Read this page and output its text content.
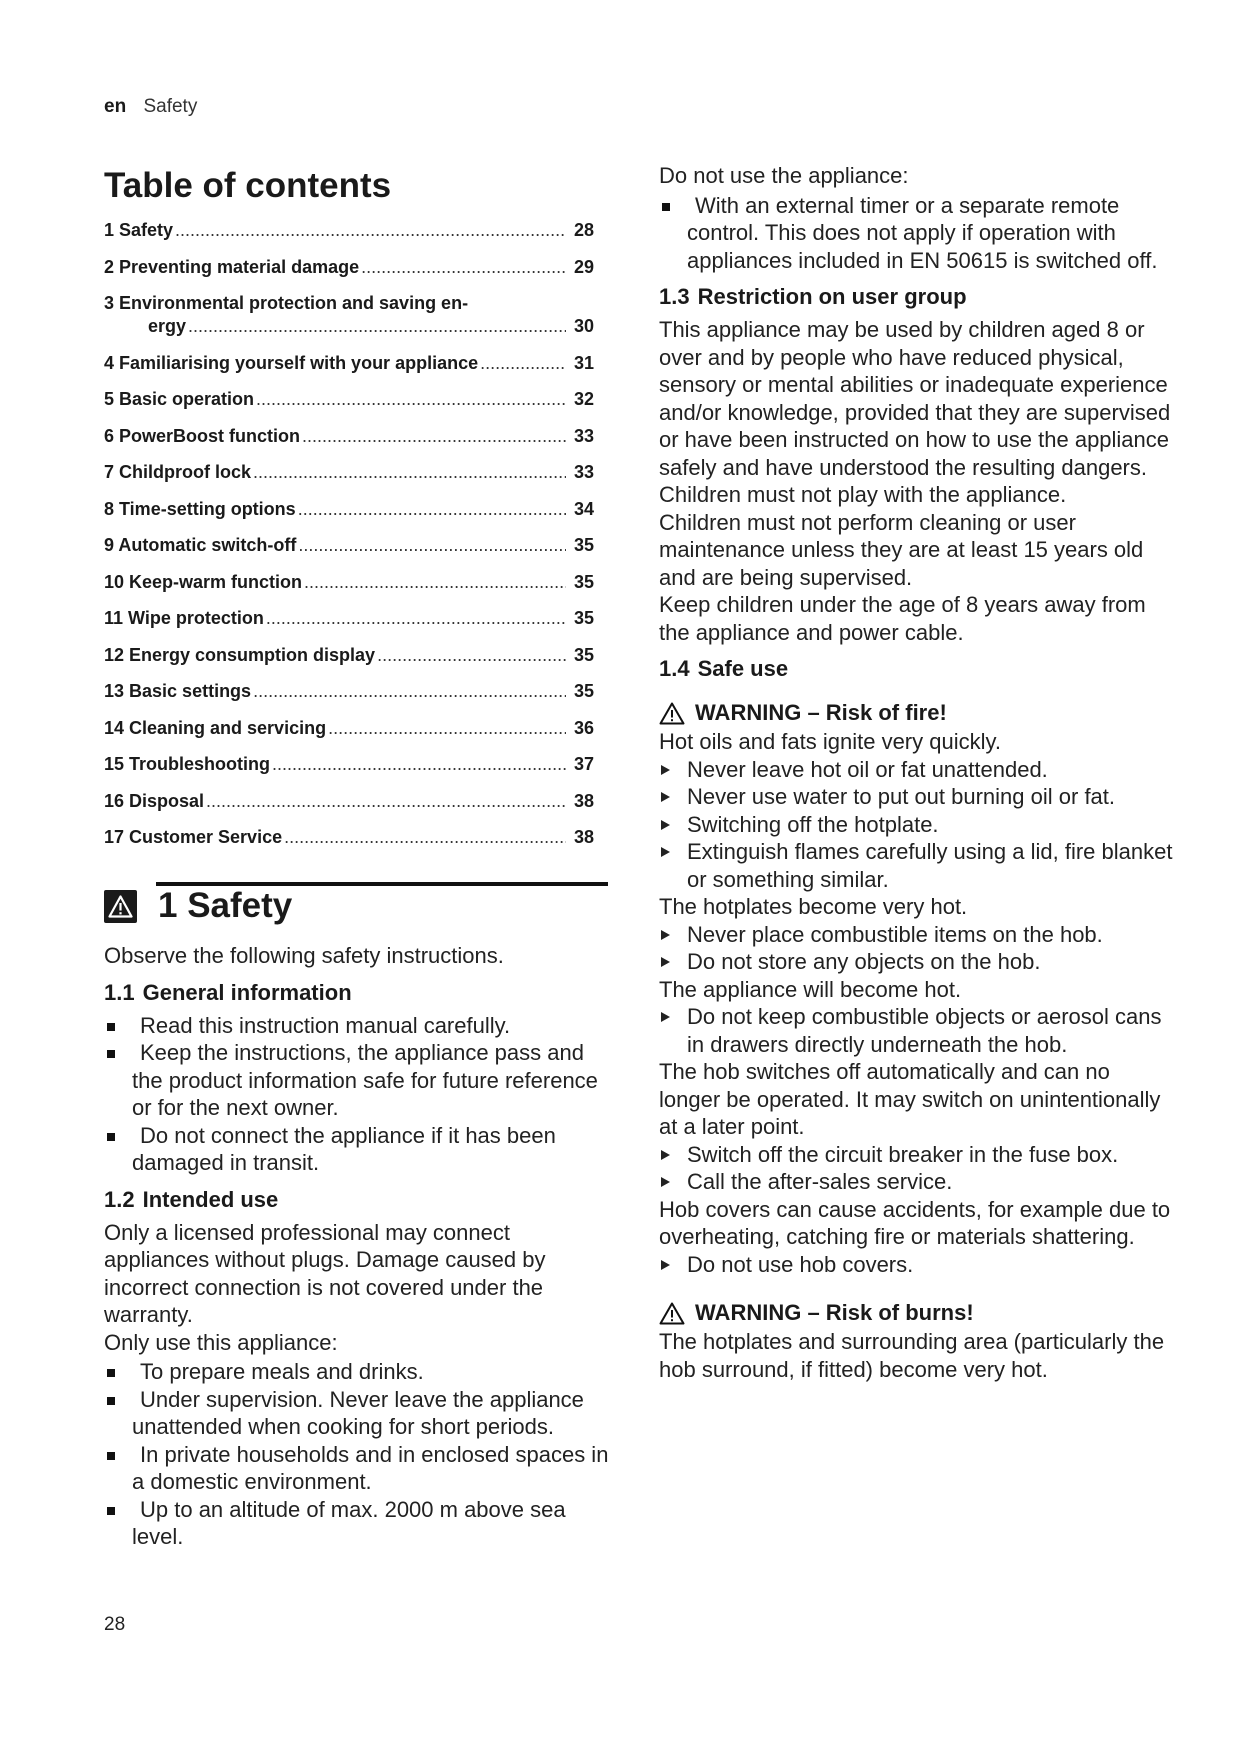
en Safety
Table of contents
1 Safety .....	28
2 Preventing material damage .....	29
3 Environmental protection and saving en-
ergy .....	30
4 Familiarising yourself with your appliance .....	31
5 Basic operation .....	32
6 PowerBoost function .....	33
7 Childproof lock .....	33
8 Time-setting options .....	34
9 Automatic switch-off .....	35
10 Keep-warm function .....	35
11 Wipe protection .....	35
12 Energy consumption display .....	35
13 Basic settings .....	35
14 Cleaning and servicing .....	36
15 Troubleshooting .....	37
16 Disposal .....	38
17 Customer Service .....	38
1 Safety

Observe the following safety instructions.

1.1 General information
Read this instruction manual carefully.
Keep the instructions, the appliance pass and the product information safe for future reference or for the next owner.
Do not connect the appliance if it has been damaged in transit.
1.2 Intended use

Only a licensed professional may connect appliances without plugs. Damage caused by incorrect connection is not covered under the warranty.

Only use this appliance:

To prepare meals and drinks.
Under supervision. Never leave the appliance unattended when cooking for short periods.
In private households and in enclosed spaces in a domestic environment.
Up to an altitude of max. 2000 m above sea level.

Do not use the appliance:

With an external timer or a separate remote control. This does not apply if operation with appliances included in EN 50615 is switched off.
1.3 Restriction on user group

This appliance may be used by children aged 8 or over and by people who have reduced physical, sensory or mental abilities or inadequate experience and/or knowledge, provided that they are supervised or have been instructed on how to use the appliance safely and have understood the resulting dangers.

Children must not play with the appliance.

Children must not perform cleaning or user maintenance unless they are at least 15 years old and are being supervised.

Keep children under the age of 8 years away from the appliance and power cable.

1.4 Safe use
WARNING – Risk of fire!

Hot oils and fats ignite very quickly.

Never leave hot oil or fat unattended.
Never use water to put out burning oil or fat.
Switching off the hotplate.
Extinguish flames carefully using a lid, fire blanket or something similar.

The hotplates become very hot.

Never place combustible items on the hob.
Do not store any objects on the hob.

The appliance will become hot.

Do not keep combustible objects or aerosol cans in drawers directly underneath the hob.

The hob switches off automatically and can no longer be operated. It may switch on unintentionally at a later point.

Switch off the circuit breaker in the fuse box.
Call the after-sales service.

Hob covers can cause accidents, for example due to overheating, catching fire or materials shattering.

Do not use hob covers.
WARNING – Risk of burns!

The hotplates and surrounding area (particularly the hob surround, if fitted) become very hot.

28
